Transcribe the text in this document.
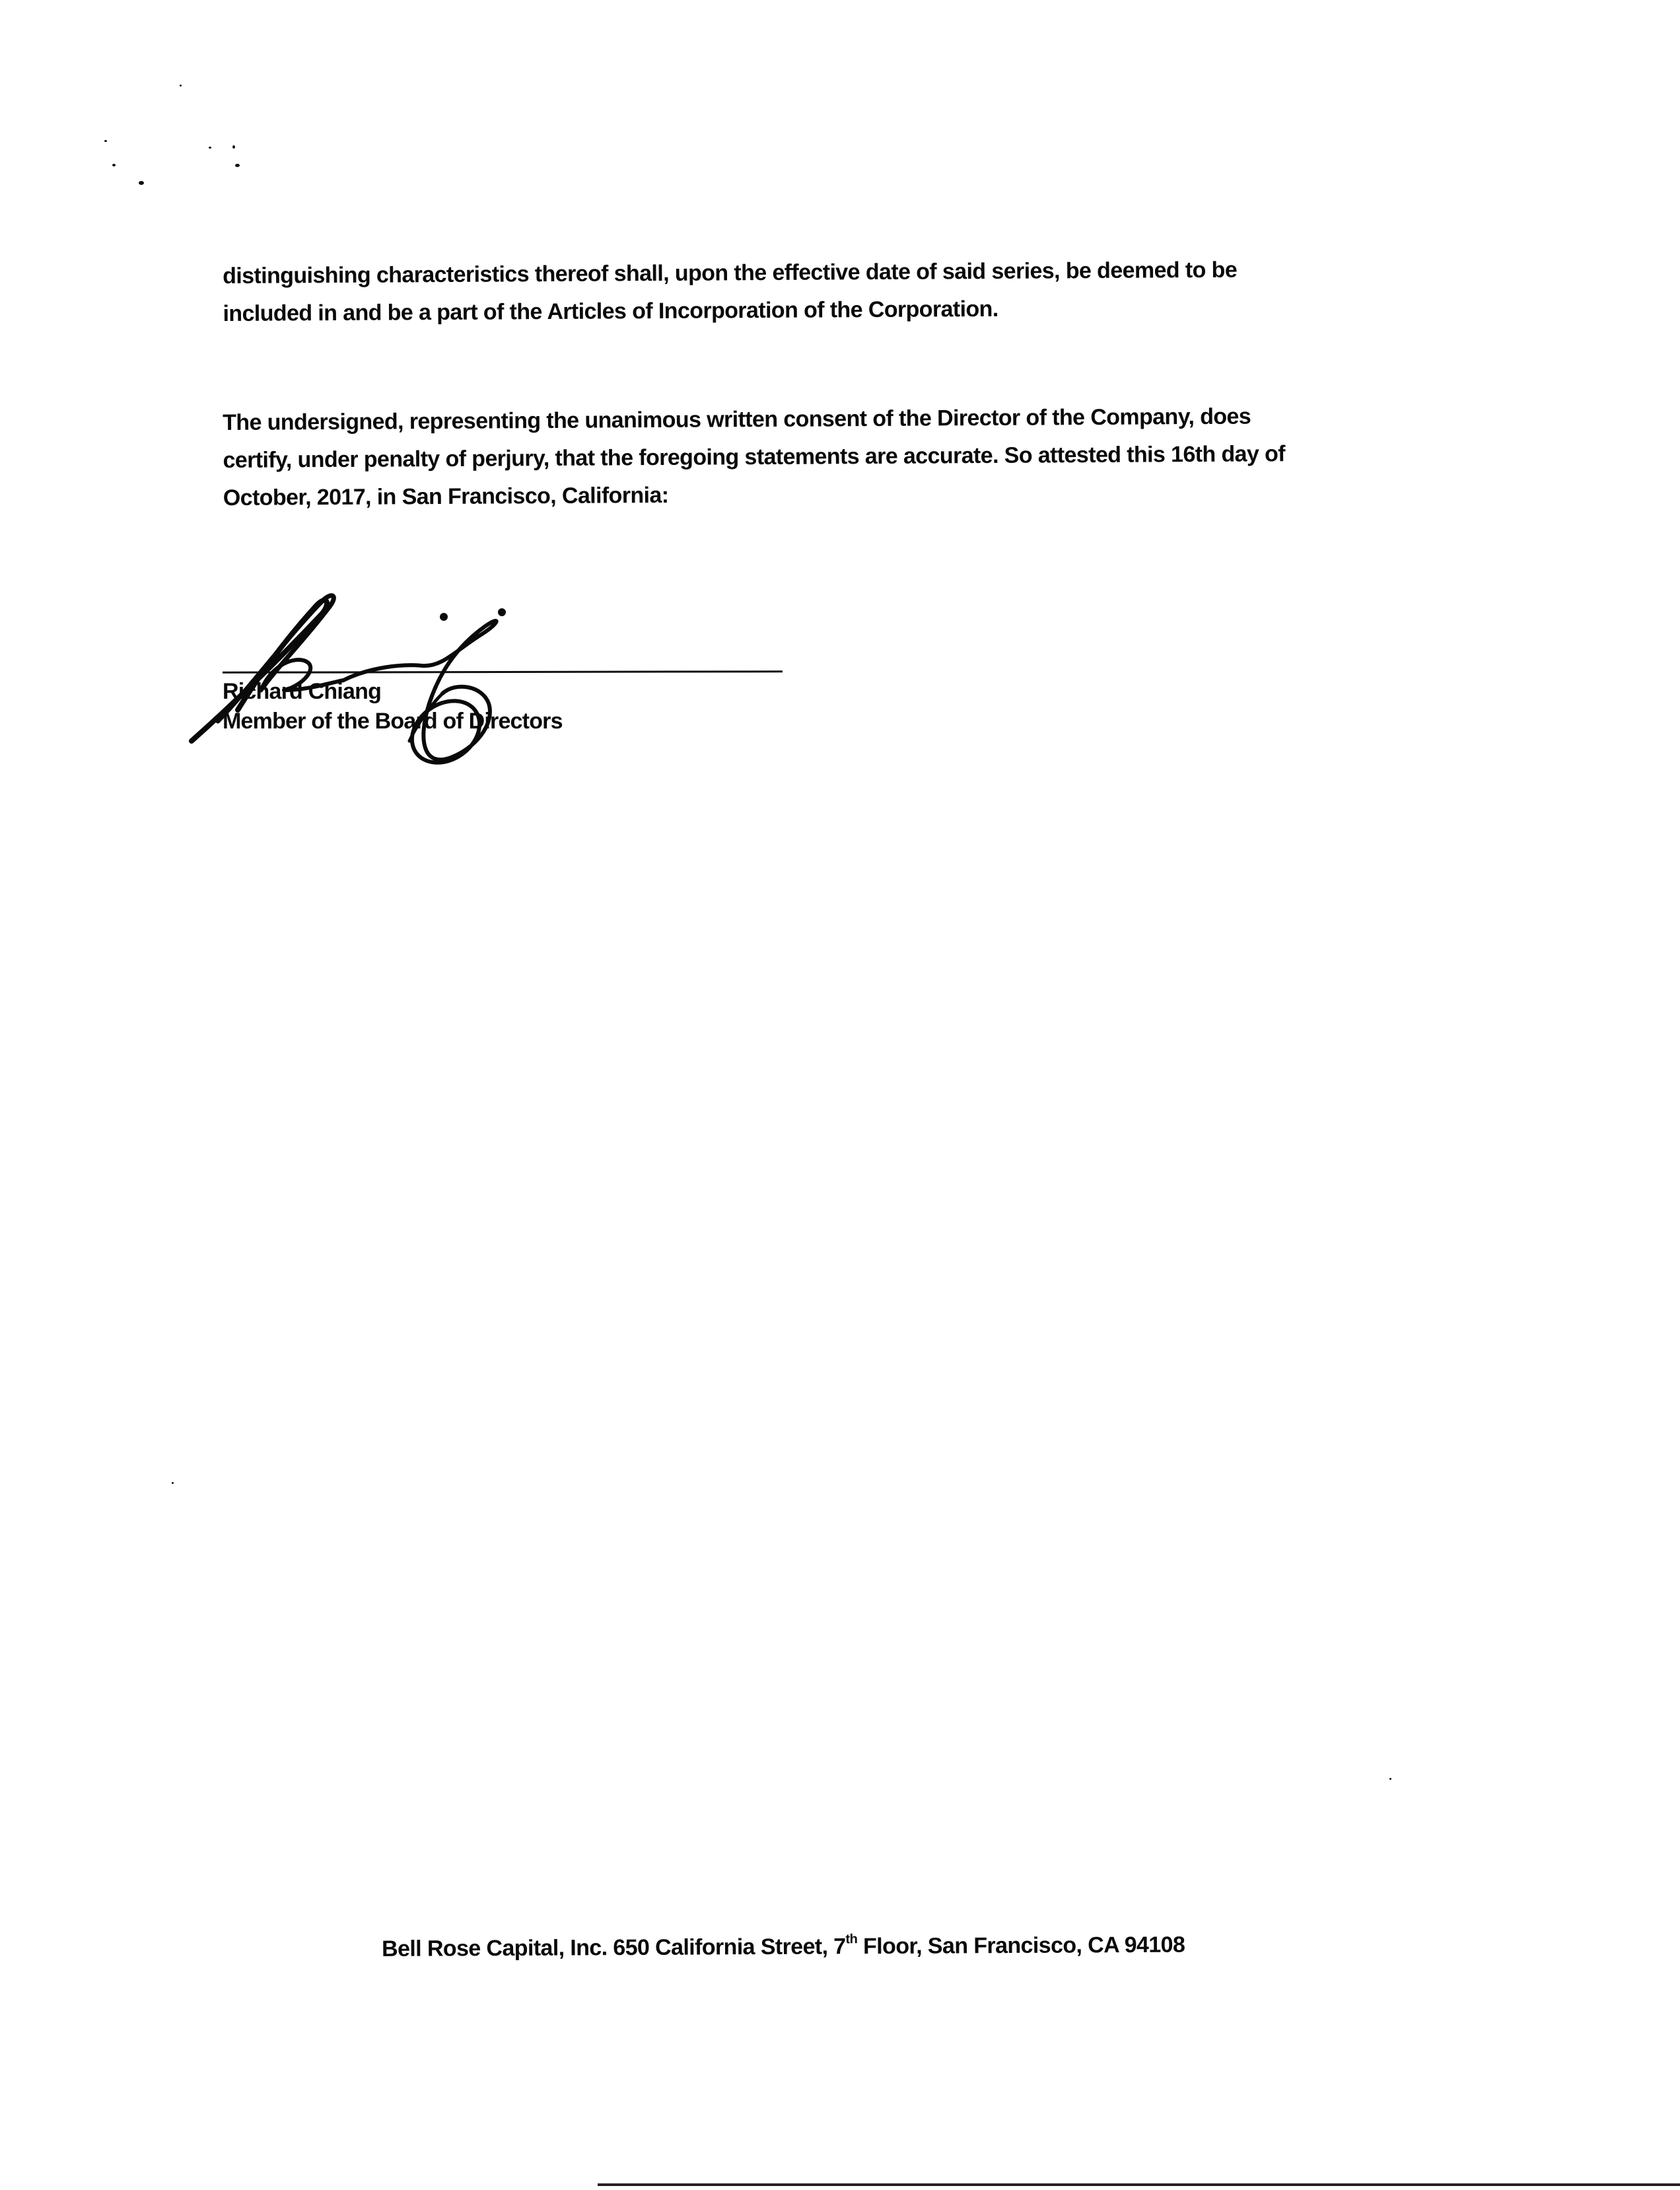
distinguishing characteristics thereof shall, upon the effective date of said series, be deemed to be
included in and be a part of the Articles of Incorporation of the Corporation.

The undersigned, representing the unanimous written consent of the Director of the Company, does
certify, under penalty of perjury, that the foregoing statements are accurate. So attested this 16th day of
October, 2017, in San Francisco, California:

Richard Chiang
Member of the Board of Directors
Bell Rose Capital, Inc. 650 California Street, 7th Floor, San Francisco, CA 94108
